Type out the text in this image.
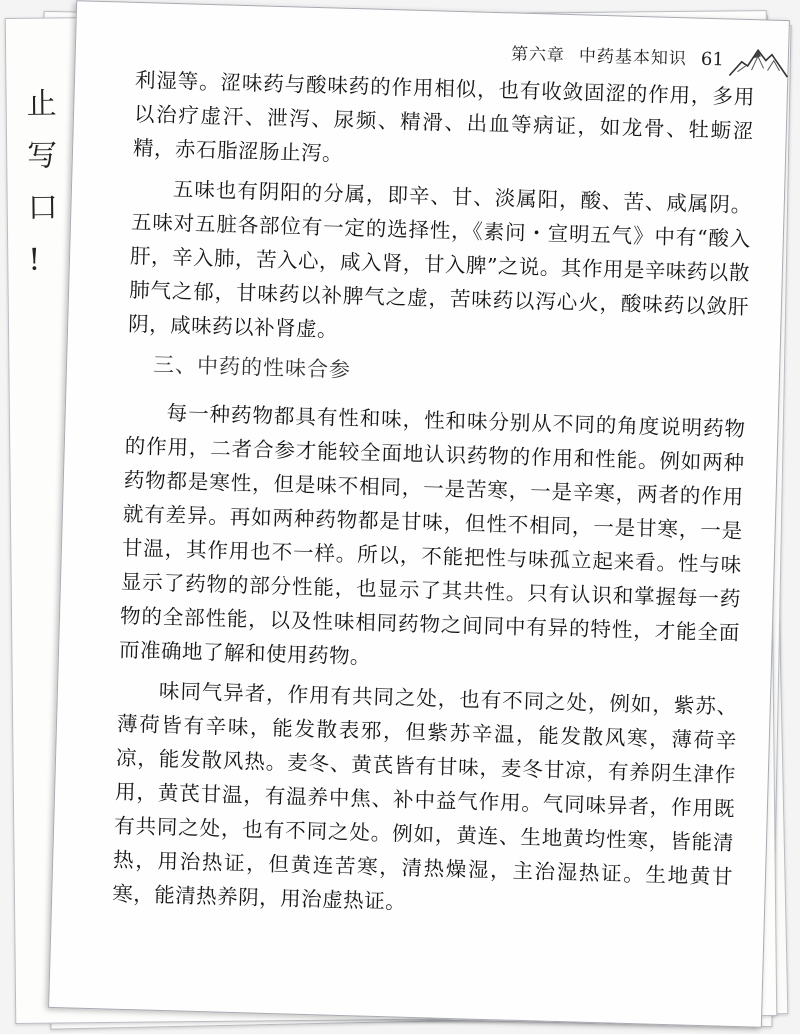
止
写
口
!
第六章 中药基本知识 61

利湿等。涩味药与酸味药的作用相似，也有收敛固涩的作用，多用以治疗虚汗、泄泻、尿频、精滑、出血等病证，如龙骨、牡蛎涩精，赤石脂涩肠止泻。

五味也有阴阳的分属，即辛、甘、淡属阳，酸、苦、咸属阴。五味对五脏各部位有一定的选择性，《素问・宣明五气》中有“酸入肝，辛入肺，苦入心，咸入肾，甘入脾”之说。其作用是辛味药以散肺气之郁，甘味药以补脾气之虚，苦味药以泻心火，酸味药以敛肝阴，咸味药以补肾虚。

三、中药的性味合参

每一种药物都具有性和味，性和味分别从不同的角度说明药物的作用，二者合参才能较全面地认识药物的作用和性能。例如两种药物都是寒性，但是味不相同，一是苦寒，一是辛寒，两者的作用就有差异。再如两种药物都是甘味，但性不相同，一是甘寒，一是甘温，其作用也不一样。所以，不能把性与味孤立起来看。性与味显示了药物的部分性能，也显示了其共性。只有认识和掌握每一药物的全部性能，以及性味相同药物之间同中有异的特性，才能全面而准确地了解和使用药物。

味同气异者，作用有共同之处，也有不同之处，例如，紫苏、薄荷皆有辛味，能发散表邪，但紫苏辛温，能发散风寒，薄荷辛凉，能发散风热。麦冬、黄芪皆有甘味，麦冬甘凉，有养阴生津作用，黄芪甘温，有温养中焦、补中益气作用。气同味异者，作用既有共同之处，也有不同之处。例如，黄连、生地黄均性寒，皆能清热，用治热证，但黄连苦寒，清热燥湿，主治湿热证。生地黄甘寒，能清热养阴，用治虚热证。
